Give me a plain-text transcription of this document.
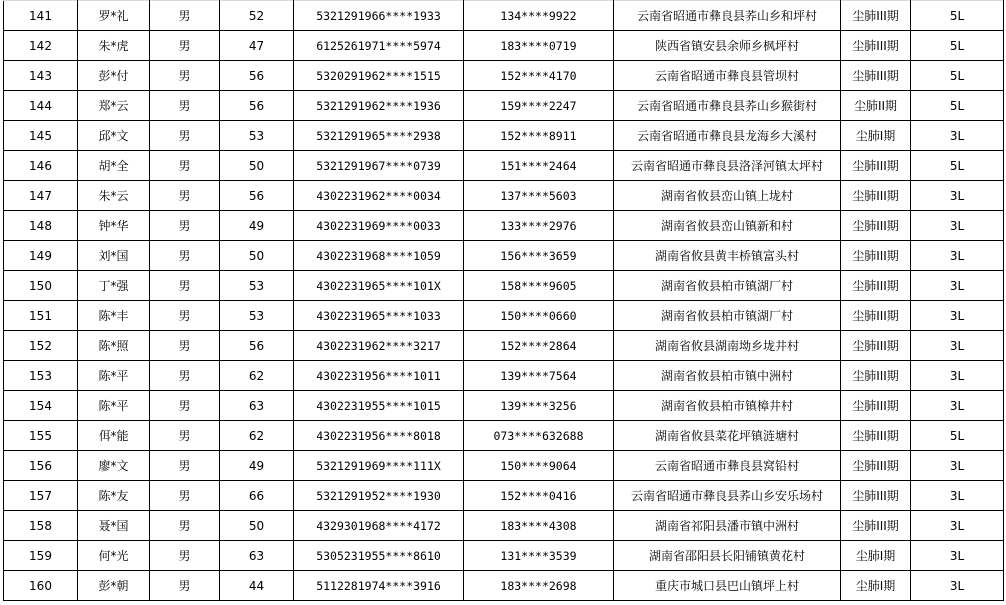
141	罗*礼	男	52	5321291966****1933	134****9922	云南省昭通市彝良县荞山乡和坪村	尘肺III期	5L
142	朱*虎	男	47	6125261971****5974	183****0719	陕西省镇安县余师乡枫坪村	尘肺III期	5L
143	彭*付	男	56	5320291962****1515	152****4170	云南省昭通市彝良县管坝村	尘肺III期	5L
144	郑*云	男	56	5321291962****1936	159****2247	云南省昭通市彝良县荞山乡猴街村	尘肺II期	5L
145	邱*文	男	53	5321291965****2938	152****8911	云南省昭通市彝良县龙海乡大溪村	尘肺I期	3L
146	胡*全	男	50	5321291967****0739	151****2464	云南省昭通市彝良县洛泽河镇太坪村	尘肺III期	5L
147	朱*云	男	56	4302231962****0034	137****5603	湖南省攸县峦山镇上垅村	尘肺III期	3L
148	钟*华	男	49	4302231969****0033	133****2976	湖南省攸县峦山镇新和村	尘肺III期	3L
149	刘*国	男	50	4302231968****1059	156****3659	湖南省攸县黄丰桥镇富头村	尘肺III期	3L
150	丁*强	男	53	4302231965****101X	158****9605	湖南省攸县柏市镇湖厂村	尘肺III期	3L
151	陈*丰	男	53	4302231965****1033	150****0660	湖南省攸县柏市镇湖厂村	尘肺III期	3L
152	陈*照	男	56	4302231962****3217	152****2864	湖南省攸县湖南坳乡垅井村	尘肺III期	3L
153	陈*平	男	62	4302231956****1011	139****7564	湖南省攸县柏市镇中洲村	尘肺III期	3L
154	陈*平	男	63	4302231955****1015	139****3256	湖南省攸县柏市镇樟井村	尘肺III期	3L
155	佴*能	男	62	4302231956****8018	073****632688	湖南省攸县菜花坪镇涟塘村	尘肺III期	5L
156	廖*文	男	49	5321291969****111X	150****9064	云南省昭通市彝良县窝铅村	尘肺III期	3L
157	陈*友	男	66	5321291952****1930	152****0416	云南省昭通市彝良县荞山乡安乐场村	尘肺III期	3L
158	聂*国	男	50	4329301968****4172	183****4308	湖南省祁阳县潘市镇中洲村	尘肺III期	3L
159	何*光	男	63	5305231955****8610	131****3539	湖南省邵阳县长阳铺镇黄花村	尘肺I期	3L
160	彭*朝	男	44	5112281974****3916	183****2698	重庆市城口县巴山镇坪上村	尘肺I期	3L
